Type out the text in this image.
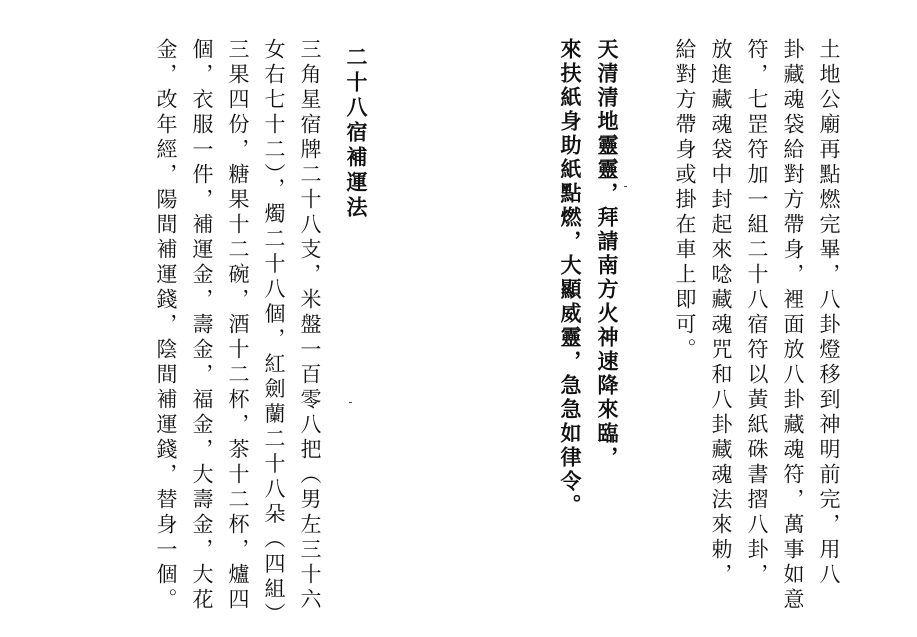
土地公廟再點燃完畢，八卦燈移到神明前完，用八
卦藏魂袋給對方帶身，裡面放八卦藏魂符，萬事如意
符，七罡符加一組二十八宿符以黃紙硃書摺八卦，
放進藏魂袋中封起來唸藏魂咒和八卦藏魂法來勅，
給對方帶身或掛在車上即可。
天清清地靈靈，拜請南方火神速降來臨，
來扶紙身助紙點燃，大顯威靈，急急如律令。
二十八宿補運法
三角星宿牌二十八支，米盤一百零八把（男左三十六
女右七十二），燭二十八個，紅劍蘭二十八朵（四組）
三果四份，糖果十二碗，酒十二杯，茶十二杯，爐四
個，衣服一件，補運金，壽金，福金，大壽金，大花
金，改年經，陽間補運錢，陰間補運錢，替身一個。
